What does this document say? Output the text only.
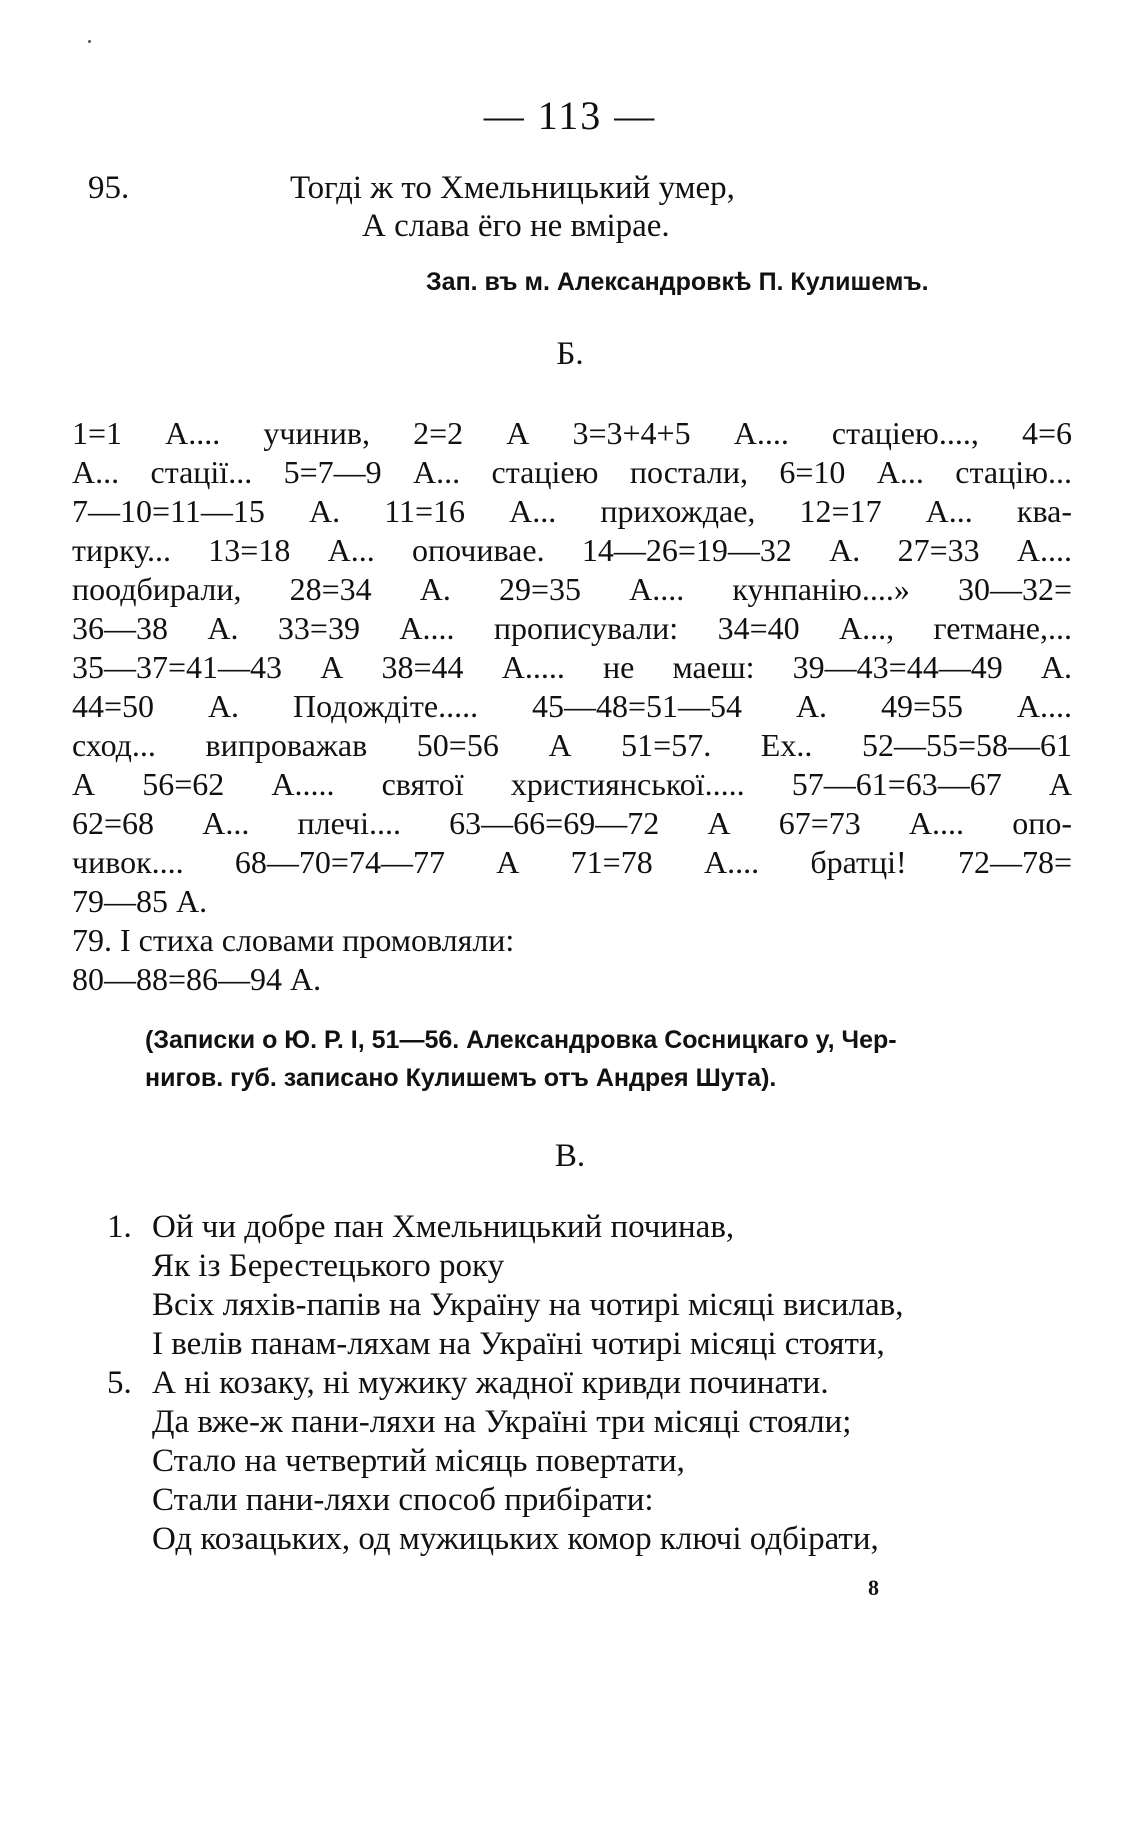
— 113 —
95.	Тогдi ж то Хмельницький умер,
А слава ёго не вмiрае.
Зап. въ м. Александровкѣ П. Кулишемъ.
Б.
1=1 А.... учинив, 2=2 А 3=3+4+5 А.... стацiею...., 4=6
А... стацiї... 5=7—9 А... стацiею постали, 6=10 А... стацiю...
7—10=11—15 А. 11=16 А... прихождае, 12=17 А... ква-
тирку... 13=18 А... опочивае. 14—26=19—32 А. 27=33 А....
поодбирали, 28=34 А. 29=35 А.... кунпанiю....» 30—32=
36—38 А. 33=39 А.... прописували: 34=40 А..., гетмане,...
35—37=41—43 А 38=44 А..... не маеш: 39—43=44—49 А.
44=50 А. Подождiте..... 45—48=51—54 А. 49=55 А....
сход... випроважав 50=56 А 51=57. Ех.. 52—55=58—61
А 56=62 А..... святої християнськоï..... 57—61=63—67 А
62=68 А... плечi.... 63—66=69—72 А 67=73 А.... опо-
чивок.... 68—70=74—77 А 71=78 А.... братцi! 72—78=
79—85 А.
79. I стиха словами промовляли:
80—88=86—94 А.
(Записки о Ю. Р. I, 51—56. Александровка Сосницкаго у, Чер-
нигов. губ. записано Кулишемъ отъ Андрея Шута).
В.
1. Ой чи добре пан Хмельницький починав,
Як iз Берестецького року
Всiх ляхiв-папiв на Украïну на чотирi мiсяцi висилав,
I велiв панам-ляхам на Украïнi чотирi мiсяцi стояти,
5. А нi козаку, нi мужику жадноï кривди починати.
Да вже-ж пани-ляхи на Украïнi три мiсяцi стояли;
Стало на четвертий мiсяць повертати,
Стали пани-ляхи способ прибiрати:
Од козацьких, од мужицьких комор ключi одбiрати,
8
